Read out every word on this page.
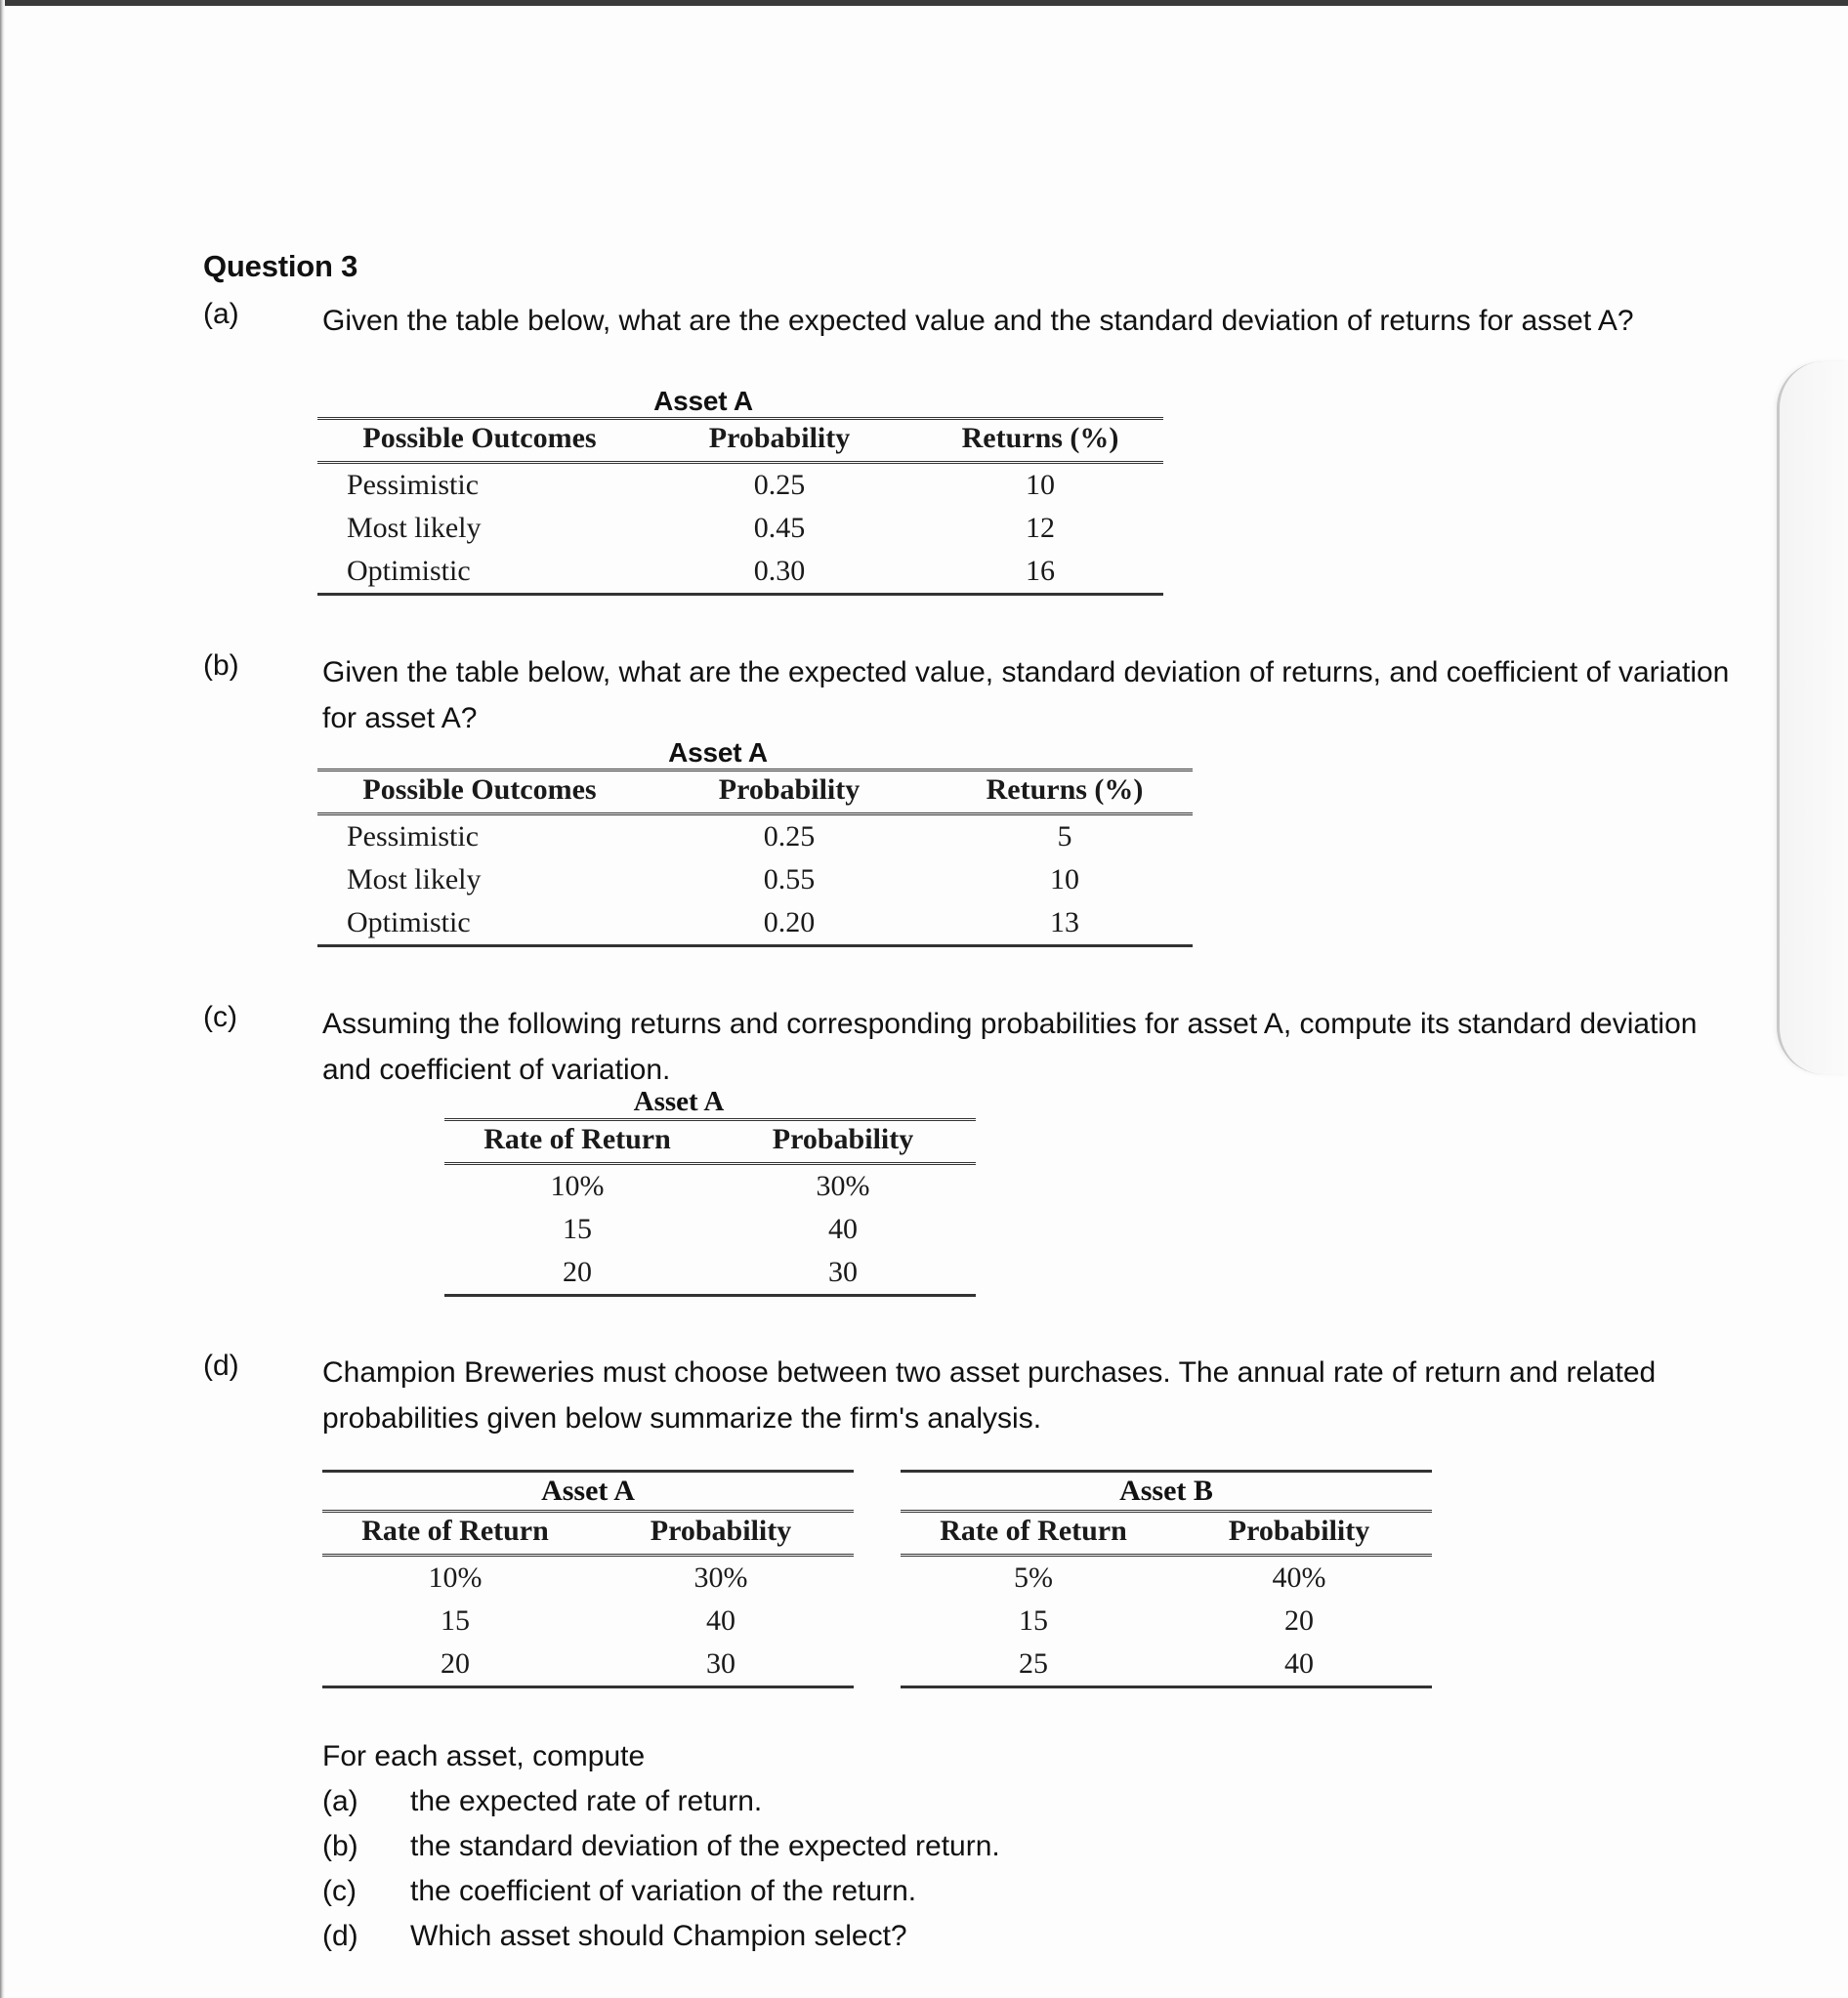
Question 3
(a)	Given the table below, what are the expected value and the standard deviation of returns for asset A?
Asset A
Possible Outcomes	Probability	Returns (%)
Pessimistic	0.25	10
Most likely	0.45	12
Optimistic	0.30	16
(b)	Given the table below, what are the expected value, standard deviation of returns, and coefficient of variation for asset A?
Asset A
Possible Outcomes	Probability	Returns (%)
Pessimistic	0.25	5
Most likely	0.55	10
Optimistic	0.20	13
(c)	Assuming the following returns and corresponding probabilities for asset A, compute its standard deviation and coefficient of variation.
Asset A
Rate of Return	Probability
10%	30%
15	40
20	30
(d)	Champion Breweries must choose between two asset purchases. The annual rate of return and related probabilities given below summarize the firm's analysis.
Asset A
Rate of Return	Probability
10%	30%
15	40
20	30
Asset B
Rate of Return	Probability
5%	40%
15	20
25	40
For each asset, compute
(a) the expected rate of return.
(b) the standard deviation of the expected return.
(c) the coefficient of variation of the return.
(d) Which asset should Champion select?
